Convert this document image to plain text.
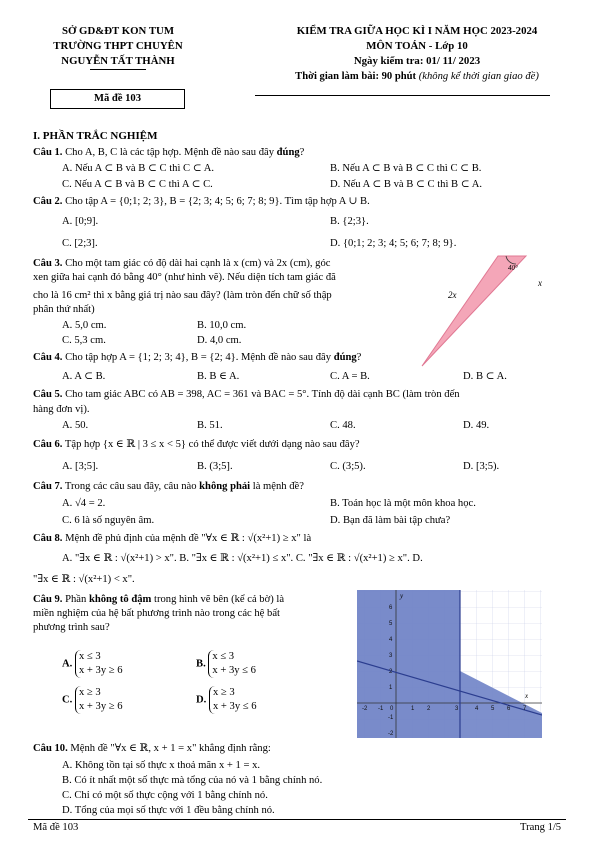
SỞ GD&ĐT KON TUM
TRƯỜNG THPT CHUYÊN
NGUYỄN TẤT THÀNH
KIỂM TRA GIỮA HỌC KÌ I NĂM HỌC 2023-2024
MÔN TOÁN - Lớp 10
Ngày kiểm tra: 01/ 11/ 2023
Thời gian làm bài: 90 phút (không kể thời gian giao đề)
Mã đề 103
I. PHẦN TRẮC NGHIỆM
Câu 1. Cho A, B, C là các tập hợp. Mệnh đề nào sau đây đúng?
A. Nếu A ⊂ B và B ⊂ C thì C ⊂ A.	B. Nếu A ⊂ B và B ⊂ C thì C ⊂ B.
C. Nếu A ⊂ B và B ⊂ C thì A ⊂ C.	D. Nếu A ⊂ B và B ⊂ C thì B ⊂ A.
Câu 2. Cho tập A = {0;1; 2; 3}, B = {2; 3; 4; 5; 6; 7; 8; 9}. Tìm tập hợp A ∪ B.
A. [0;9].	B. {2;3}.
C. [2;3].	D. {0;1; 2; 3; 4; 5; 6; 7; 8; 9}.
Câu 3. Cho một tam giác có độ dài hai cạnh là x (cm) và 2x (cm), góc
xen giữa hai cạnh đó bằng 40° (như hình vẽ). Nếu diện tích tam giác đã
cho là 16 cm² thì x bằng giá trị nào sau đây? (làm tròn đến chữ số thập
phân thứ nhất)
A. 5,0 cm.	B. 10,0 cm.
C. 5,3 cm.	D. 4,0 cm.
40°
2x
x
Câu 4. Cho tập hợp A = {1; 2; 3; 4}, B = {2; 4}. Mệnh đề nào sau đây đúng?
A. A ⊂ B.	B. B ∈ A.	C. A = B.	D. B ⊂ A.
Câu 5. Cho tam giác ABC có AB = 398, AC = 361 và BAC = 5°. Tính độ dài cạnh BC (làm tròn đến
hàng đơn vị).
A. 50.	B. 51.	C. 48.	D. 49.
Câu 6. Tập hợp {x ∈ ℝ | 3 ≤ x < 5} có thể được viết dưới dạng nào sau đây?
A. [3;5].	B. (3;5].	C. (3;5).	D. [3;5).
Câu 7. Trong các câu sau đây, câu nào không phải là mệnh đề?
A. √4 = 2.	B. Toán học là một môn khoa học.
C. 6 là số nguyên âm.	D. Bạn đã làm bài tập chưa?
Câu 8. Mệnh đề phủ định của mệnh đề "∀x ∈ ℝ : √(x²+1) ≥ x" là
A. "∃x ∈ ℝ : √(x²+1) > x". B. "∃x ∈ ℝ : √(x²+1) ≤ x". C. "∃x ∈ ℝ : √(x²+1) ≥ x". D.
"∃x ∈ ℝ : √(x²+1) < x".
Câu 9. Phần không tô đậm trong hình vẽ bên (kể cả bờ) là
miền nghiệm của hệ bất phương trình nào trong các hệ bất
phương trình sau?
A. x ≤ 3
x + 3y ≥ 6
B. x ≤ 3
x + 3y ≤ 6
C. x ≥ 3
x + 3y ≥ 6
D. x ≥ 3
x + 3y ≤ 6
y
x
6
5
4
3
2
1
-1
-2
-2 -1 0	1 2	3	4 5 6 7
Câu 10. Mệnh đề "∀x ∈ ℝ, x + 1 = x" khẳng định rằng:
A. Không tồn tại số thực x thoả mãn x + 1 = x.
B. Có ít nhất một số thực mà tổng của nó và 1 bằng chính nó.
C. Chỉ có một số thực cộng với 1 bằng chính nó.
D. Tổng của mọi số thực với 1 đều bằng chính nó.
Mã đề 103	Trang 1/5
